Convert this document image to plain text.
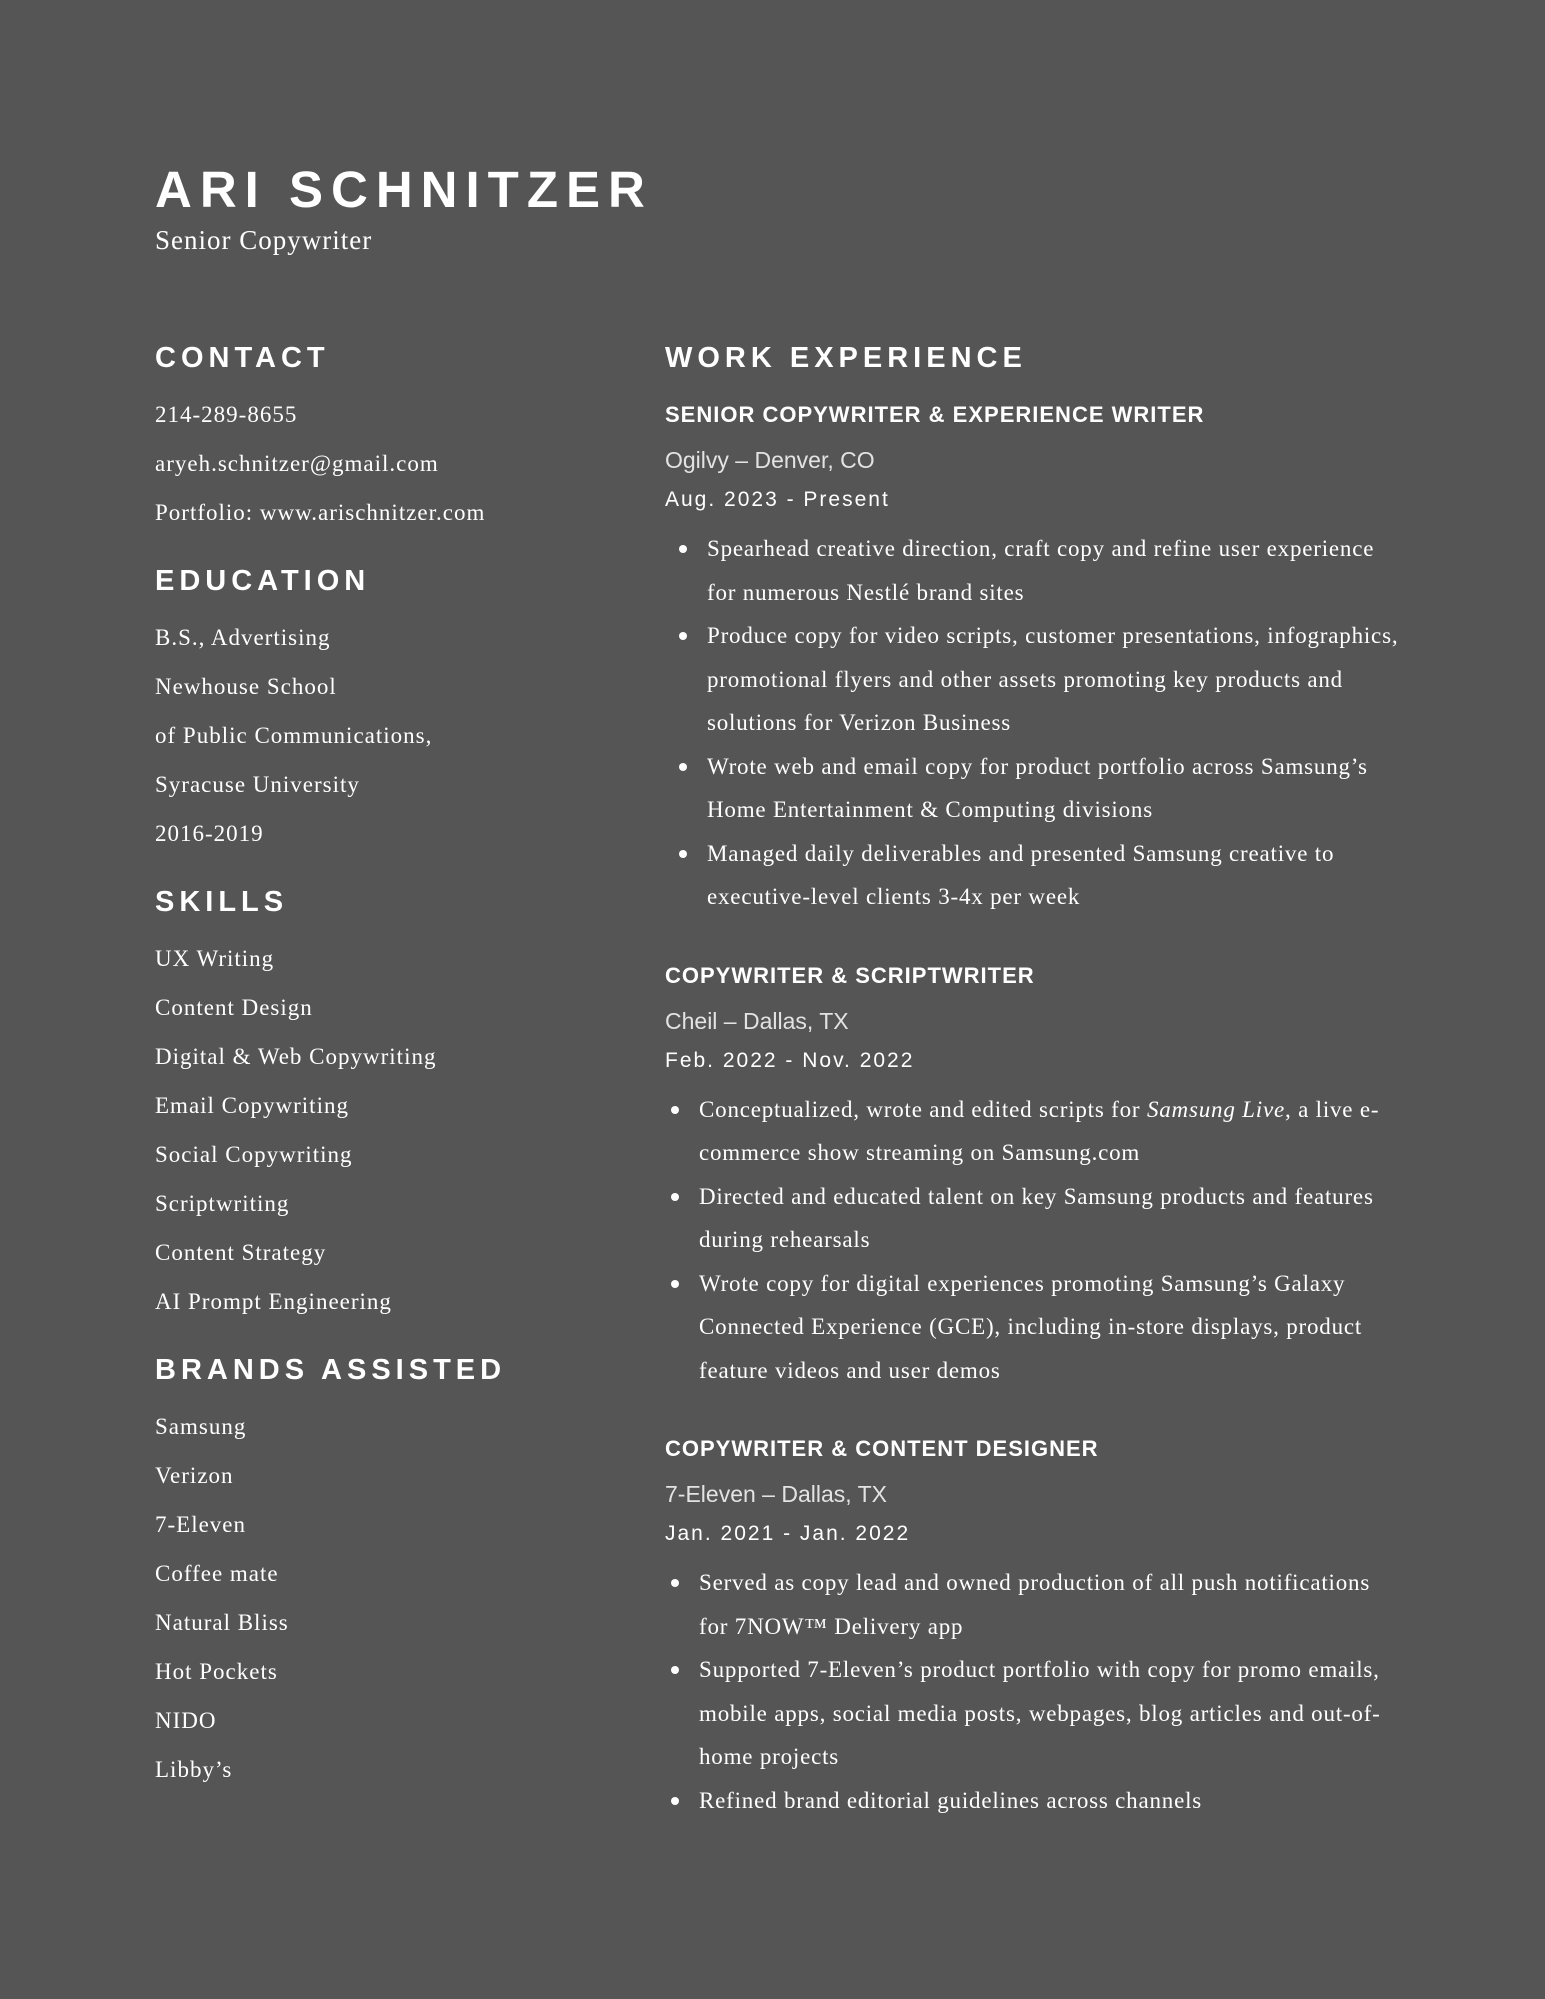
ARI SCHNITZER
Senior Copywriter
CONTACT
214-289-8655
aryeh.schnitzer@gmail.com
Portfolio: www.arischnitzer.com
EDUCATION
B.S., Advertising
Newhouse School
of Public Communications,
Syracuse University
2016-2019
SKILLS
UX Writing
Content Design
Digital & Web Copywriting
Email Copywriting
Social Copywriting
Scriptwriting
Content Strategy
AI Prompt Engineering
BRANDS ASSISTED
Samsung
Verizon
7-Eleven
Coffee mate
Natural Bliss
Hot Pockets
NIDO
Libby’s
WORK EXPERIENCE
SENIOR COPYWRITER & EXPERIENCE WRITER
Ogilvy – Denver, CO
Aug. 2023 - Present
Spearhead creative direction, craft copy and refine user experience for numerous Nestlé brand sites
Produce copy for video scripts, customer presentations, infographics, promotional flyers and other assets promoting key products and solutions for Verizon Business
Wrote web and email copy for product portfolio across Samsung’s Home Entertainment & Computing divisions
Managed daily deliverables and presented Samsung creative to executive-level clients 3-4x per week
COPYWRITER & SCRIPTWRITER
Cheil – Dallas, TX
Feb. 2022 - Nov. 2022
Conceptualized, wrote and edited scripts for Samsung Live, a live e-commerce show streaming on Samsung.com
Directed and educated talent on key Samsung products and features during rehearsals
Wrote copy for digital experiences promoting Samsung’s Galaxy Connected Experience (GCE), including in-store displays, product feature videos and user demos
COPYWRITER & CONTENT DESIGNER
7-Eleven – Dallas, TX
Jan. 2021 - Jan. 2022
Served as copy lead and owned production of all push notifications for 7NOW™ Delivery app
Supported 7-Eleven’s product portfolio with copy for promo emails, mobile apps, social media posts, webpages, blog articles and out-of-home projects
Refined brand editorial guidelines across channels
